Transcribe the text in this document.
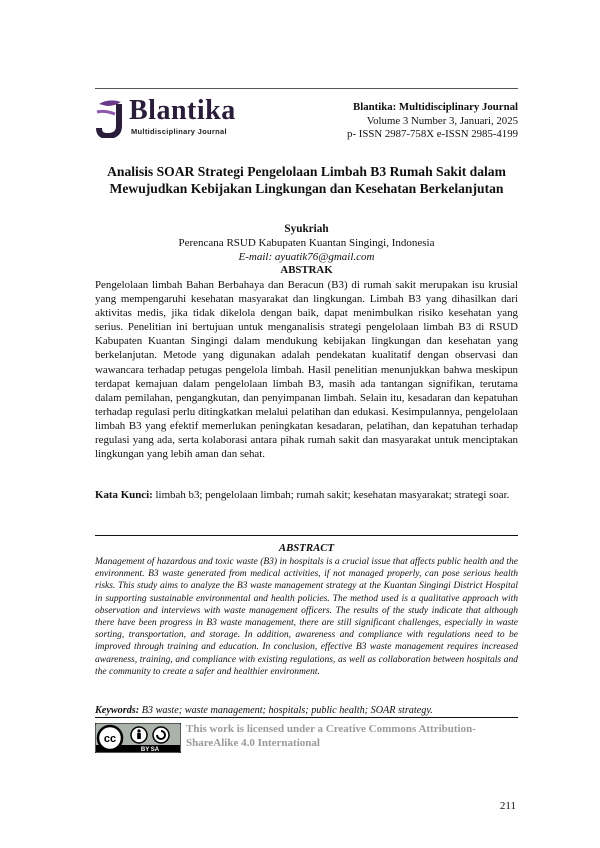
Blantika
Multidisciplinary Journal
Blantika: Multidisciplinary Journal
Volume 3 Number 3, Januari, 2025
p- ISSN 2987-758X e-ISSN 2985-4199
Analisis SOAR Strategi Pengelolaan Limbah B3 Rumah Sakit dalam
Mewujudkan Kebijakan Lingkungan dan Kesehatan Berkelanjutan
Syukriah
Perencana RSUD Kabupaten Kuantan Singingi, Indonesia
E-mail: ayuatik76@gmail.com
ABSTRAK
Pengelolaan limbah Bahan Berbahaya dan Beracun (B3) di rumah sakit merupakan isu krusial yang mempengaruhi kesehatan masyarakat dan lingkungan. Limbah B3 yang dihasilkan dari aktivitas medis, jika tidak dikelola dengan baik, dapat menimbulkan risiko kesehatan yang serius. Penelitian ini bertujuan untuk menganalisis strategi pengelolaan limbah B3 di RSUD Kabupaten Kuantan Singingi dalam mendukung kebijakan lingkungan dan kesehatan yang berkelanjutan. Metode yang digunakan adalah pendekatan kualitatif dengan observasi dan wawancara terhadap petugas pengelola limbah. Hasil penelitian menunjukkan bahwa meskipun terdapat kemajuan dalam pengelolaan limbah B3, masih ada tantangan signifikan, terutama dalam pemilahan, pengangkutan, dan penyimpanan limbah. Selain itu, kesadaran dan kepatuhan terhadap regulasi perlu ditingkatkan melalui pelatihan dan edukasi. Kesimpulannya, pengelolaan limbah B3 yang efektif memerlukan peningkatan kesadaran, pelatihan, dan kepatuhan terhadap regulasi yang ada, serta kolaborasi antara pihak rumah sakit dan masyarakat untuk menciptakan lingkungan yang lebih aman dan sehat.
Kata Kunci: limbah b3; pengelolaan limbah; rumah sakit; kesehatan masyarakat; strategi soar.
ABSTRACT
Management of hazardous and toxic waste (B3) in hospitals is a crucial issue that affects public health and the environment. B3 waste generated from medical activities, if not managed properly, can pose serious health risks. This study aims to analyze the B3 waste management strategy at the Kuantan Singingi District Hospital in supporting sustainable environmental and health policies. The method used is a qualitative approach with observation and interviews with waste management officers. The results of the study indicate that although there have been progress in B3 waste management, there are still significant challenges, especially in waste sorting, transportation, and storage. In addition, awareness and compliance with regulations need to be improved through training and education. In conclusion, effective B3 waste management requires increased awareness, training, and compliance with existing regulations, as well as collaboration between hospitals and the community to create a safer and healthier environment.
Keywords: B3 waste; waste management; hospitals; public health; SOAR strategy.
cc
BY SA
This work is licensed under a Creative Commons Attribution-
ShareAlike 4.0 International
211
